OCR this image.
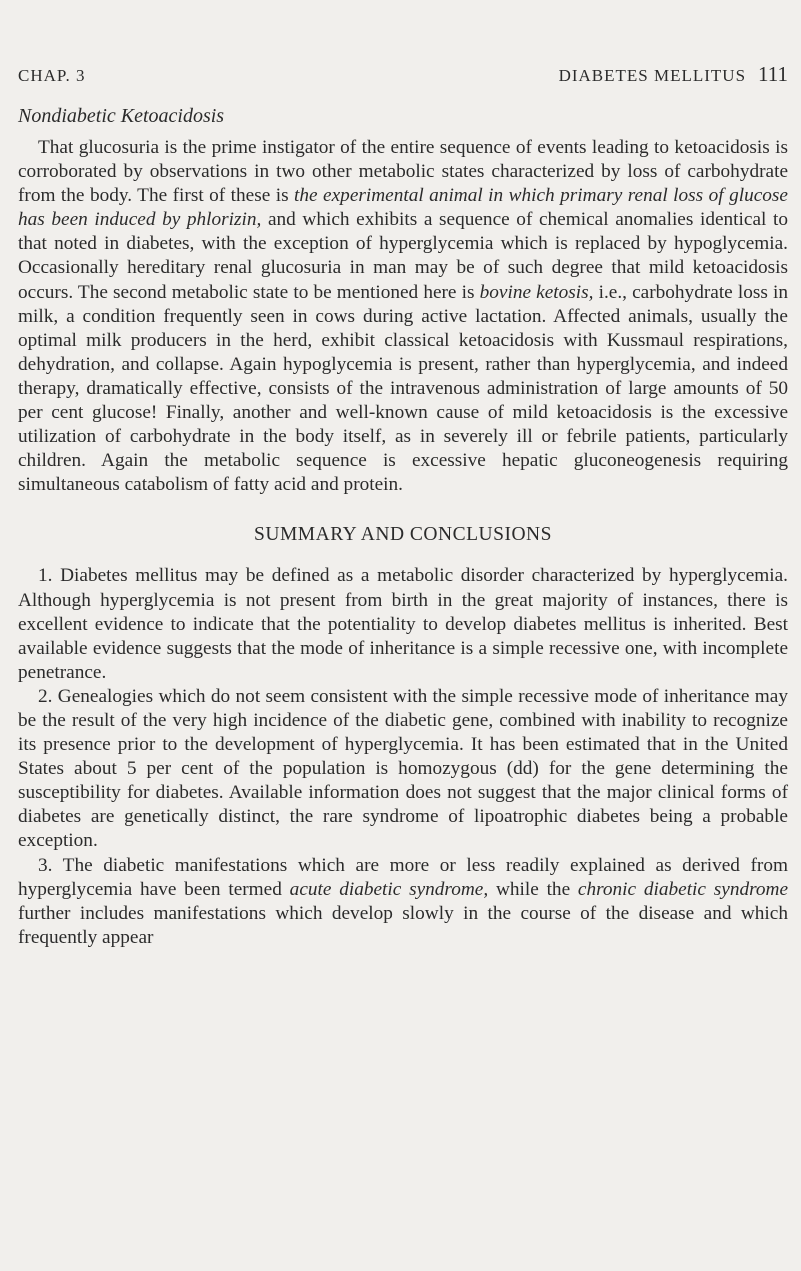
CHAP. 3	DIABETES MELLITUS 111
Nondiabetic Ketoacidosis

That glucosuria is the prime instigator of the entire sequence of events leading to ketoacidosis is corroborated by observations in two other metabolic states characterized by loss of carbohydrate from the body. The first of these is the experimental animal in which primary renal loss of glucose has been induced by phlorizin, and which exhibits a sequence of chemical anomalies identical to that noted in diabetes, with the exception of hyperglycemia which is replaced by hypoglycemia. Occasionally hereditary renal glucosuria in man may be of such degree that mild ketoacidosis occurs. The second metabolic state to be mentioned here is bovine ketosis, i.e., carbohydrate loss in milk, a condition frequently seen in cows during active lactation. Affected animals, usually the optimal milk producers in the herd, exhibit classical ketoacidosis with Kussmaul respirations, dehydration, and collapse. Again hypoglycemia is present, rather than hyperglycemia, and indeed therapy, dramatically effective, consists of the intravenous administration of large amounts of 50 per cent glucose! Finally, another and well-known cause of mild ketoacidosis is the excessive utilization of carbohydrate in the body itself, as in severely ill or febrile patients, particularly children. Again the metabolic sequence is excessive hepatic gluconeogenesis requiring simultaneous catabolism of fatty acid and protein.

SUMMARY AND CONCLUSIONS

1. Diabetes mellitus may be defined as a metabolic disorder characterized by hyperglycemia. Although hyperglycemia is not present from birth in the great majority of instances, there is excellent evidence to indicate that the potentiality to develop diabetes mellitus is inherited. Best available evidence suggests that the mode of inheritance is a simple recessive one, with incomplete penetrance.

2. Genealogies which do not seem consistent with the simple recessive mode of inheritance may be the result of the very high incidence of the diabetic gene, combined with inability to recognize its presence prior to the development of hyperglycemia. It has been estimated that in the United States about 5 per cent of the population is homozygous (dd) for the gene determining the susceptibility for diabetes. Available information does not suggest that the major clinical forms of diabetes are genetically distinct, the rare syndrome of lipoatrophic diabetes being a probable exception.

3. The diabetic manifestations which are more or less readily explained as derived from hyperglycemia have been termed acute diabetic syndrome, while the chronic diabetic syndrome further includes manifestations which develop slowly in the course of the disease and which frequently appear
